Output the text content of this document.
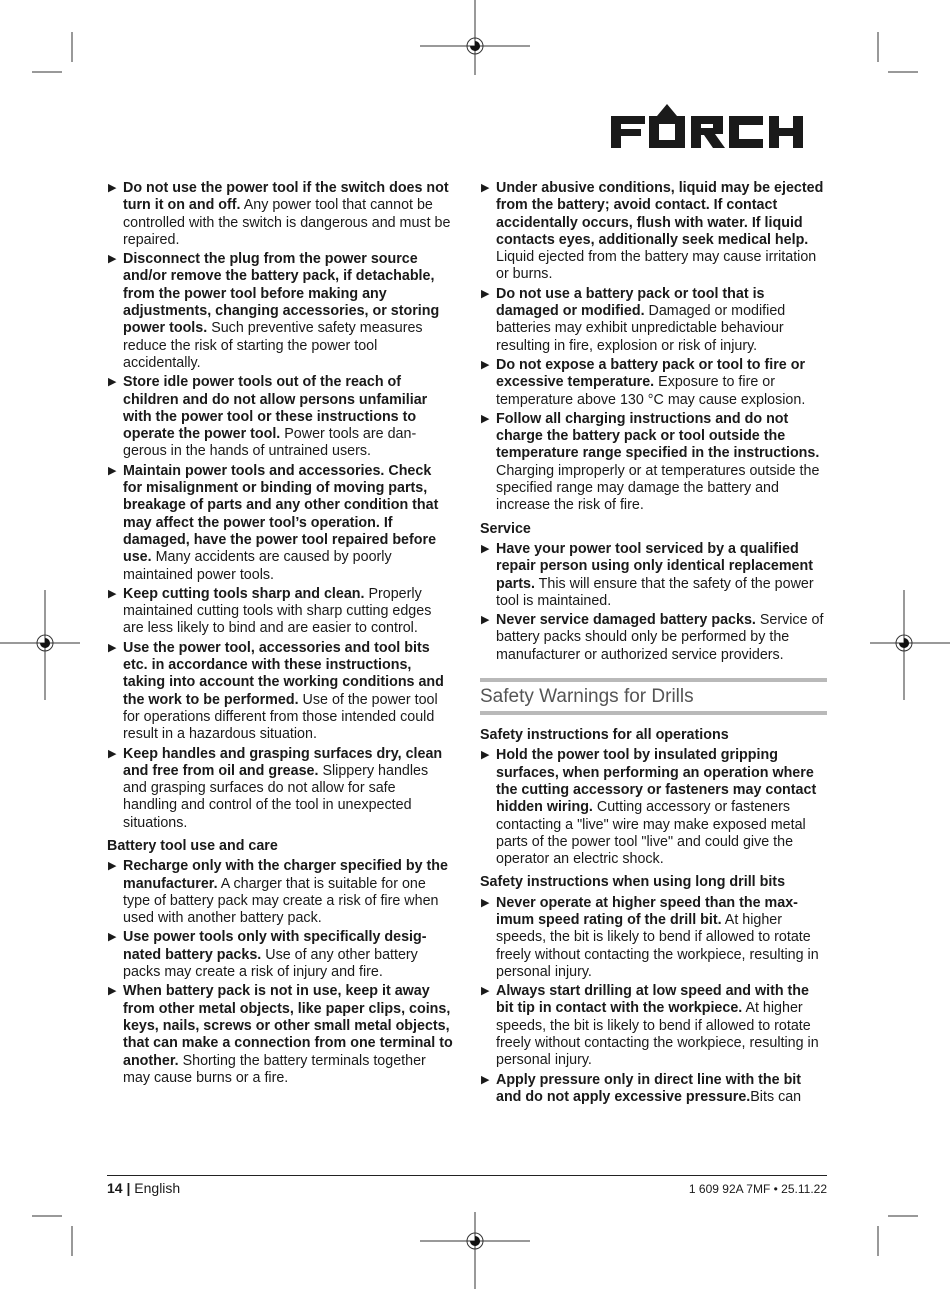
▶ Do not use the power tool if the switch does not turn it on and off. Any power tool that cannot be controlled with the switch is dangerous and must be repaired.
▶ Disconnect the plug from the power source and/or remove the battery pack, if detachable, from the power tool before making any adjustments, changing accessories, or storing power tools. Such preventive safety measures reduce the risk of starting the power tool accidentally.
▶ Store idle power tools out of the reach of children and do not allow persons unfamiliar with the power tool or these instructions to operate the power tool. Power tools are dangerous in the hands of untrained users.
▶ Maintain power tools and accessories. Check for misalignment or binding of moving parts, breakage of parts and any other condition that may affect the power tool’s operation. If damaged, have the power tool repaired before use. Many accidents are caused by poorly maintained power tools.
▶ Keep cutting tools sharp and clean. Properly maintained cutting tools with sharp cutting edges are less likely to bind and are easier to control.
▶ Use the power tool, accessories and tool bits etc. in accordance with these instructions, taking into account the working conditions and the work to be performed. Use of the power tool for operations different from those intended could result in a hazardous situation.
▶ Keep handles and grasping surfaces dry, clean and free from oil and grease. Slippery handles and grasping surfaces do not allow for safe handling and control of the tool in unexpected situations.
Battery tool use and care
▶ Recharge only with the charger specified by the manufacturer. A charger that is suitable for one type of battery pack may create a risk of fire when used with another battery pack.
▶ Use power tools only with specifically designated battery packs. Use of any other battery packs may create a risk of injury and fire.
▶ When battery pack is not in use, keep it away from other metal objects, like paper clips, coins, keys, nails, screws or other small metal objects, that can make a connection from one terminal to another. Shorting the battery terminals together may cause burns or a fire.
▶ Under abusive conditions, liquid may be ejected from the battery; avoid contact. If contact accidentally occurs, flush with water. If liquid contacts eyes, additionally seek medical help. Liquid ejected from the battery may cause irritation or burns.
▶ Do not use a battery pack or tool that is damaged or modified. Damaged or modified batteries may exhibit unpredictable behaviour resulting in fire, explosion or risk of injury.
▶ Do not expose a battery pack or tool to fire or excessive temperature. Exposure to fire or temperature above 130 °C may cause explosion.
▶ Follow all charging instructions and do not charge the battery pack or tool outside the temperature range specified in the instructions. Charging improperly or at temperatures outside the specified range may damage the battery and increase the risk of fire.
Service
▶ Have your power tool serviced by a qualified repair person using only identical replacement parts. This will ensure that the safety of the power tool is maintained.
▶ Never service damaged battery packs. Service of battery packs should only be performed by the manufacturer or authorized service providers.
Safety Warnings for Drills
Safety instructions for all operations
▶ Hold the power tool by insulated gripping surfaces, when performing an operation where the cutting accessory or fasteners may contact hidden wiring. Cutting accessory or fasteners contacting a "live" wire may make exposed metal parts of the power tool "live" and could give the operator an electric shock.
Safety instructions when using long drill bits
▶ Never operate at higher speed than the maximum speed rating of the drill bit. At higher speeds, the bit is likely to bend if allowed to rotate freely without contacting the workpiece, resulting in personal injury.
▶ Always start drilling at low speed and with the bit tip in contact with the workpiece. At higher speeds, the bit is likely to bend if allowed to rotate freely without contacting the workpiece, resulting in personal injury.
▶ Apply pressure only in direct line with the bit and do not apply excessive pressure.Bits can
14 | English	1 609 92A 7MF • 25.11.22
